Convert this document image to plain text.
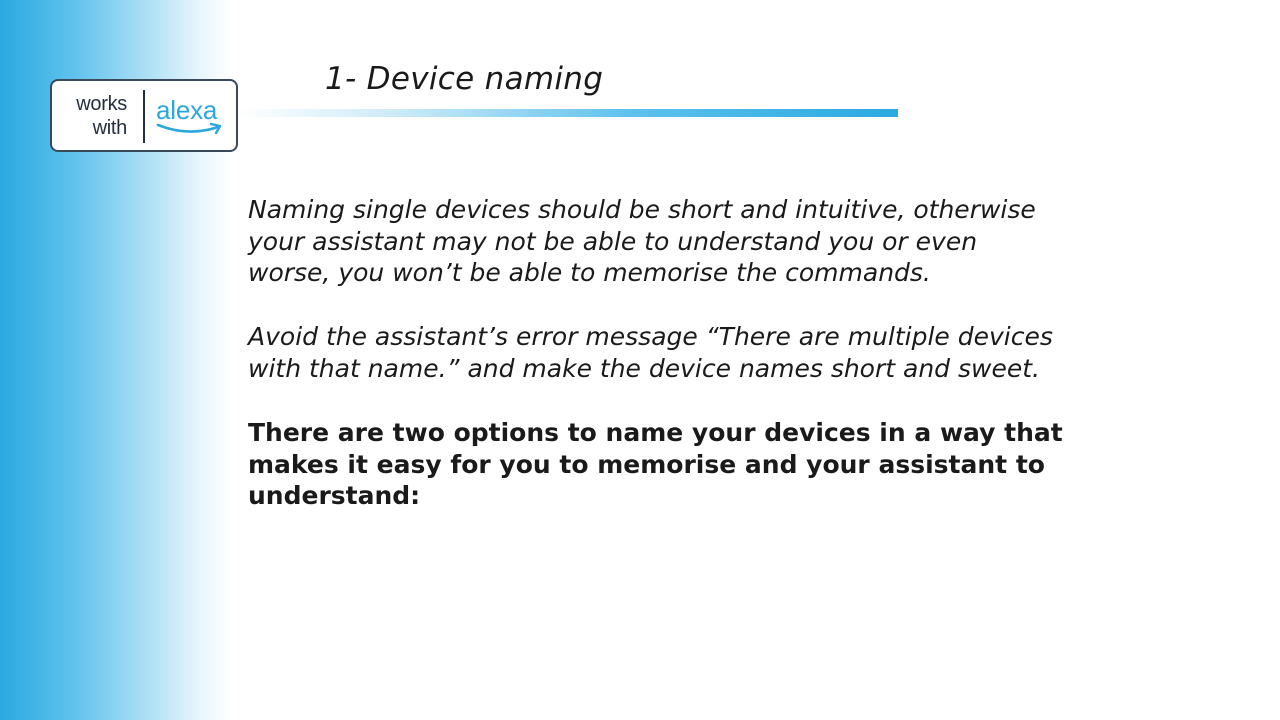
works
with
alexa
1- Device naming

Naming single devices should be short and intuitive, otherwise
your assistant may not be able to understand you or even
worse, you won’t be able to memorise the commands.

Avoid the assistant’s error message “There are multiple devices
with that name.” and make the device names short and sweet.

There are two options to name your devices in a way that
makes it easy for you to memorise and your assistant to
understand:
